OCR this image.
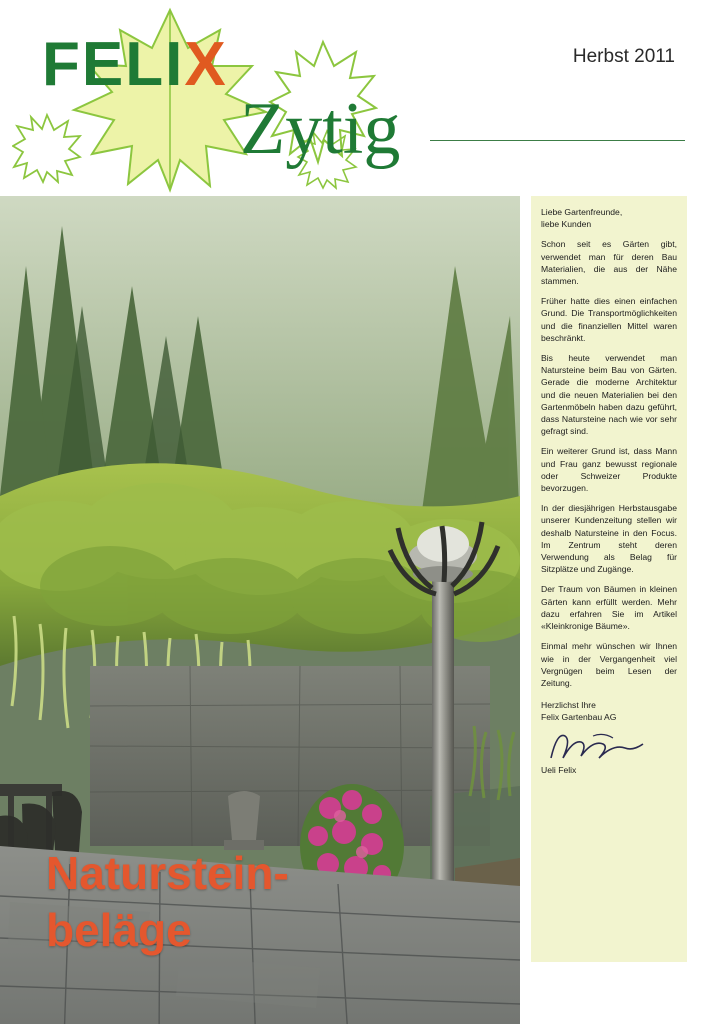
FELIX
Zytig
Herbst 2011
Naturstein-
beläge

Liebe Gartenfreunde,
liebe Kunden

Schon seit es Gärten gibt, verwendet man für deren Bau Materialien, die aus der Nähe stammen.

Früher hatte dies einen einfachen Grund. Die Transportmöglichkeiten und die finanziellen Mittel waren beschränkt.

Bis heute verwendet man Natursteine beim Bau von Gärten. Gerade die moderne Architektur und die neuen Materialien bei den Gartenmöbeln haben dazu geführt, dass Natursteine nach wie vor sehr gefragt sind.

Ein weiterer Grund ist, dass Mann und Frau ganz bewusst regionale oder Schweizer Produkte bevorzugen.

In der diesjährigen Herbstausgabe unserer Kundenzeitung stellen wir deshalb Natursteine in den Focus. Im Zentrum steht deren Verwendung als Belag für Sitzplätze und Zugänge.

Der Traum von Bäumen in kleinen Gärten kann erfüllt werden. Mehr dazu erfahren Sie im Artikel «Kleinkronige Bäume».

Einmal mehr wünschen wir Ihnen wie in der Vergangenheit viel Vergnügen beim Lesen der Zeitung.

Herzlichst Ihre
Felix Gartenbau AG

Ueli Felix
